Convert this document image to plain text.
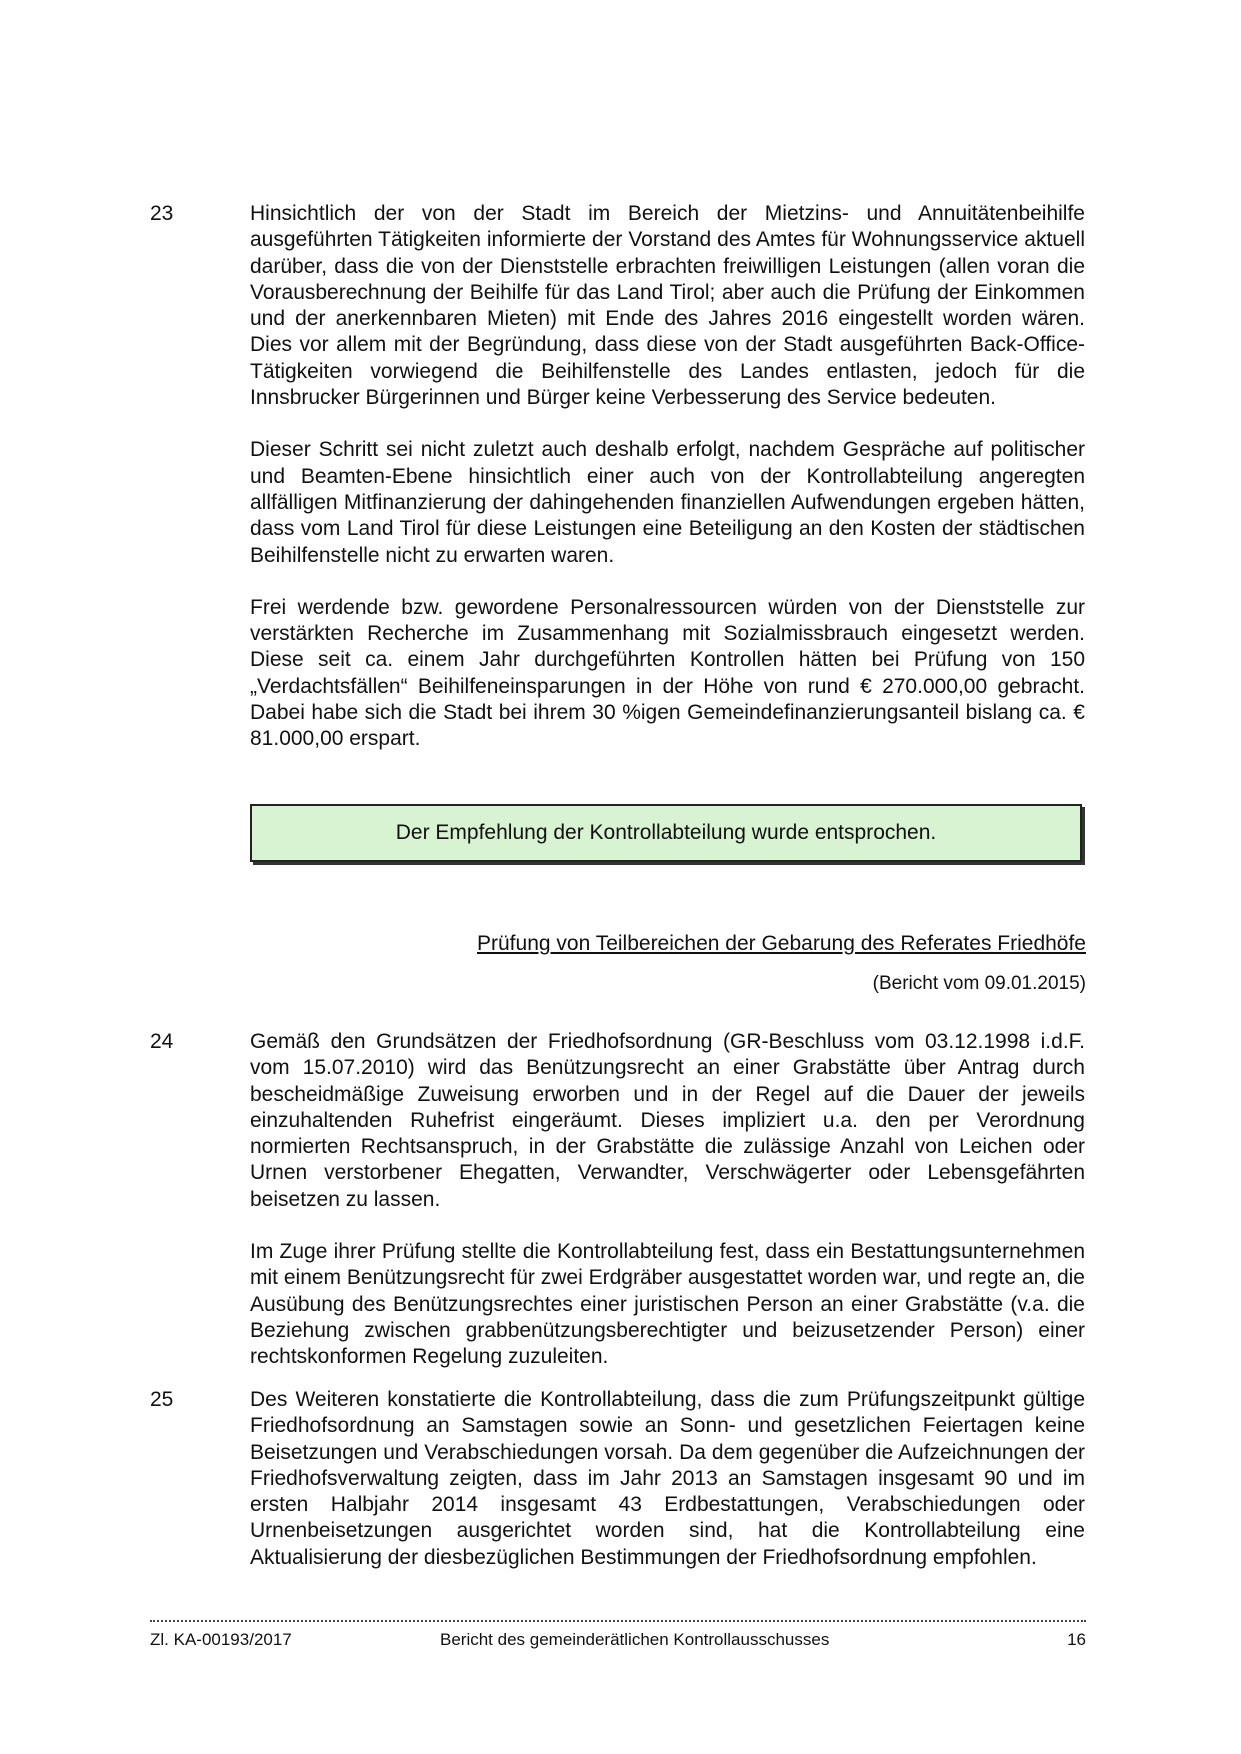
23	Hinsichtlich der von der Stadt im Bereich der Mietzins- und Annuitätenbeihilfe ausgeführten Tätigkeiten informierte der Vorstand des Amtes für Wohnungsservice aktuell darüber, dass die von der Dienststelle erbrachten freiwilligen Leistungen (allen voran die Vorausberechnung der Beihilfe für das Land Tirol; aber auch die Prüfung der Einkommen und der anerkennbaren Mieten) mit Ende des Jahres 2016 eingestellt worden wären. Dies vor allem mit der Begründung, dass diese von der Stadt ausgeführten Back-Office-Tätigkeiten vorwiegend die Beihilfenstelle des Landes entlasten, jedoch für die Innsbrucker Bürgerinnen und Bürger keine Verbesserung des Service bedeuten.

Dieser Schritt sei nicht zuletzt auch deshalb erfolgt, nachdem Gespräche auf politischer und Beamten-Ebene hinsichtlich einer auch von der Kontrollabteilung angeregten allfälligen Mitfinanzierung der dahingehenden finanziellen Aufwendungen ergeben hätten, dass vom Land Tirol für diese Leistungen eine Beteiligung an den Kosten der städtischen Beihilfenstelle nicht zu erwarten waren.

Frei werdende bzw. gewordene Personalressourcen würden von der Dienststelle zur verstärkten Recherche im Zusammenhang mit Sozialmissbrauch eingesetzt werden. Diese seit ca. einem Jahr durchgeführten Kontrollen hätten bei Prüfung von 150 „Verdachtsfällen“ Beihilfeneinsparungen in der Höhe von rund € 270.000,00 gebracht. Dabei habe sich die Stadt bei ihrem 30 %igen Gemeindefinanzierungsanteil bislang ca. € 81.000,00 erspart.

Der Empfehlung der Kontrollabteilung wurde entsprochen.
Prüfung von Teilbereichen der Gebarung des Referates Friedhöfe
(Bericht vom 09.01.2015)
24	Gemäß den Grundsätzen der Friedhofsordnung (GR-Beschluss vom 03.12.1998 i.d.F. vom 15.07.2010) wird das Benützungsrecht an einer Grabstätte über Antrag durch bescheidmäßige Zuweisung erworben und in der Regel auf die Dauer der jeweils einzuhaltenden Ruhefrist eingeräumt. Dieses impliziert u.a. den per Verordnung normierten Rechtsanspruch, in der Grabstätte die zulässige Anzahl von Leichen oder Urnen verstorbener Ehegatten, Verwandter, Verschwägerter oder Lebensgefährten beisetzen zu lassen.

Im Zuge ihrer Prüfung stellte die Kontrollabteilung fest, dass ein Bestattungsunternehmen mit einem Benützungsrecht für zwei Erdgräber ausgestattet worden war, und regte an, die Ausübung des Benützungsrechtes einer juristischen Person an einer Grabstätte (v.a. die Beziehung zwischen grabbenützungsberechtigter und beizusetzender Person) einer rechtskonformen Regelung zuzuleiten.

25	Des Weiteren konstatierte die Kontrollabteilung, dass die zum Prüfungszeitpunkt gültige Friedhofsordnung an Samstagen sowie an Sonn- und gesetzlichen Feiertagen keine Beisetzungen und Verabschiedungen vorsah. Da dem gegenüber die Aufzeichnungen der Friedhofsverwaltung zeigten, dass im Jahr 2013 an Samstagen insgesamt 90 und im ersten Halbjahr 2014 insgesamt 43 Erdbestattungen, Verabschiedungen oder Urnenbeisetzungen ausgerichtet worden sind, hat die Kontrollabteilung eine Aktualisierung der diesbezüglichen Bestimmungen der Friedhofsordnung empfohlen.

Zl. KA-00193/2017	Bericht des gemeinderätlichen Kontrollausschusses	16
